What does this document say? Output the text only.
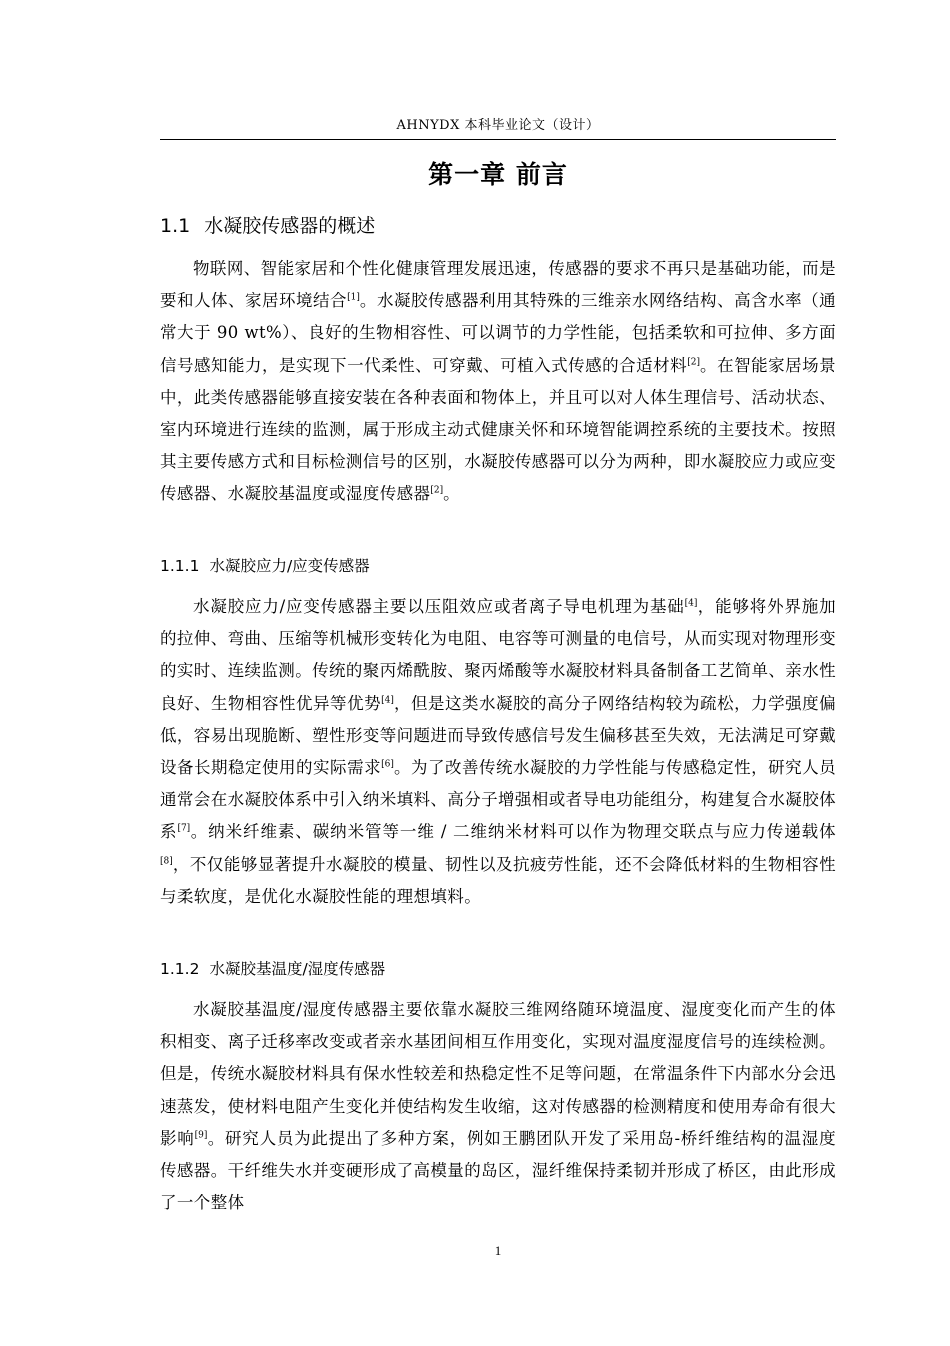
AHNYDX 本科毕业论文（设计）
第一章 前言
1.1 水凝胶传感器的概述

物联网、智能家居和个性化健康管理发展迅速，传感器的要求不再只是基础功能，而是要和人体、家居环境结合[1]。水凝胶传感器利用其特殊的三维亲水网络结构、高含水率（通常大于 90 wt%）、良好的生物相容性、可以调节的力学性能，包括柔软和可拉伸、多方面信号感知能力，是实现下一代柔性、可穿戴、可植入式传感的合适材料[2]。在智能家居场景中，此类传感器能够直接安装在各种表面和物体上，并且可以对人体生理信号、活动状态、室内环境进行连续的监测，属于形成主动式健康关怀和环境智能调控系统的主要技术。按照其主要传感方式和目标检测信号的区别，水凝胶传感器可以分为两种，即水凝胶应力或应变传感器、水凝胶基温度或湿度传感器[2]。

1.1.1 水凝胶应力/应变传感器

水凝胶应力/应变传感器主要以压阻效应或者离子导电机理为基础[4]，能够将外界施加的拉伸、弯曲、压缩等机械形变转化为电阻、电容等可测量的电信号，从而实现对物理形变的实时、连续监测。传统的聚丙烯酰胺、聚丙烯酸等水凝胶材料具备制备工艺简单、亲水性良好、生物相容性优异等优势[4]，但是这类水凝胶的高分子网络结构较为疏松，力学强度偏低，容易出现脆断、塑性形变等问题进而导致传感信号发生偏移甚至失效，无法满足可穿戴设备长期稳定使用的实际需求[6]。为了改善传统水凝胶的力学性能与传感稳定性，研究人员通常会在水凝胶体系中引入纳米填料、高分子增强相或者导电功能组分，构建复合水凝胶体系[7]。纳米纤维素、碳纳米管等一维 / 二维纳米材料可以作为物理交联点与应力传递载体[8]，不仅能够显著提升水凝胶的模量、韧性以及抗疲劳性能，还不会降低材料的生物相容性与柔软度，是优化水凝胶性能的理想填料。

1.1.2 水凝胶基温度/湿度传感器

水凝胶基温度/湿度传感器主要依靠水凝胶三维网络随环境温度、湿度变化而产生的体积相变、离子迁移率改变或者亲水基团间相互作用变化，实现对温度湿度信号的连续检测。但是，传统水凝胶材料具有保水性较差和热稳定性不足等问题，在常温条件下内部水分会迅速蒸发，使材料电阻产生变化并使结构发生收缩，这对传感器的检测精度和使用寿命有很大影响[9]。研究人员为此提出了多种方案，例如王鹏团队开发了采用岛-桥纤维结构的温湿度传感器。干纤维失水并变硬形成了高模量的岛区，湿纤维保持柔韧并形成了桥区，由此形成了一个整体

1
